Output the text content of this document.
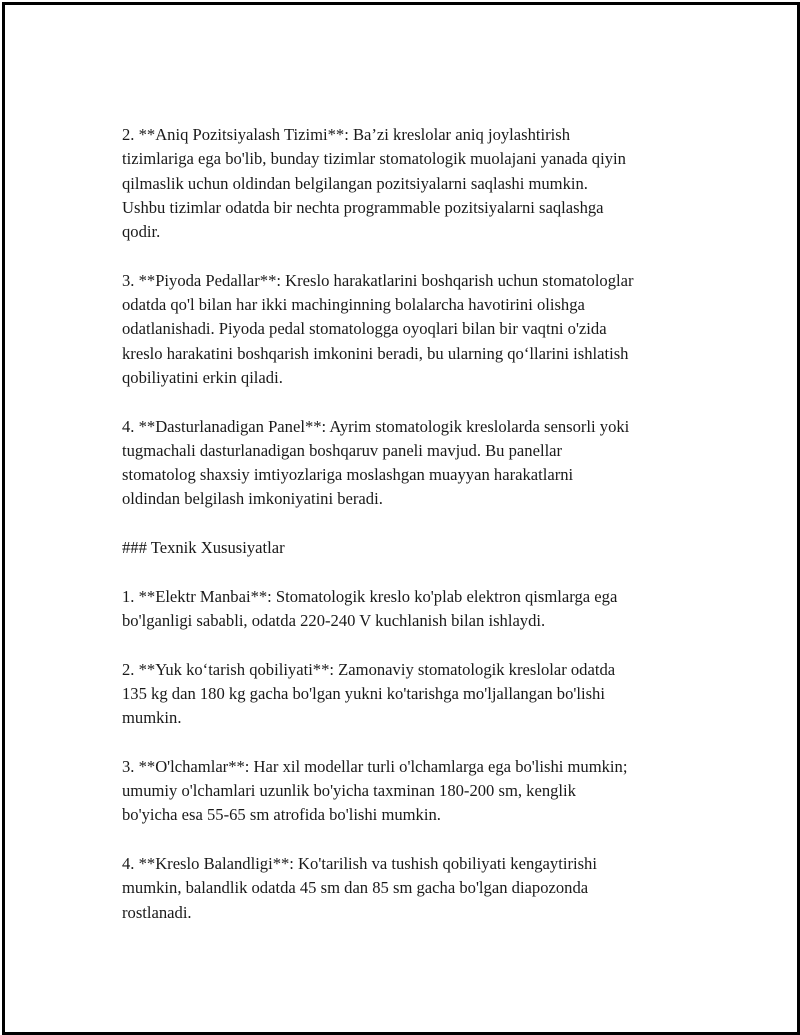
2. **Aniq Pozitsiyalash Tizimi**: Ba’zi kreslolar aniq joylashtirish
tizimlariga ega bo'lib, bunday tizimlar stomatologik muolajani yanada qiyin
qilmaslik uchun oldindan belgilangan pozitsiyalarni saqlashi mumkin.
Ushbu tizimlar odatda bir nechta programmable pozitsiyalarni saqlashga
qodir.
3. **Piyoda Pedallar**: Kreslo harakatlarini boshqarish uchun stomatologlar
odatda qo'l bilan har ikki machinginning bolalarcha havotirini olishga
odatlanishadi. Piyoda pedal stomatologga oyoqlari bilan bir vaqtni o'zida
kreslo harakatini boshqarish imkonini beradi, bu ularning qo‘llarini ishlatish
qobiliyatini erkin qiladi.
4. **Dasturlanadigan Panel**: Ayrim stomatologik kreslolarda sensorli yoki
tugmachali dasturlanadigan boshqaruv paneli mavjud. Bu panellar
stomatolog shaxsiy imtiyozlariga moslashgan muayyan harakatlarni
oldindan belgilash imkoniyatini beradi.
### Texnik Xususiyatlar
1. **Elektr Manbai**: Stomatologik kreslo ko'plab elektron qismlarga ega
bo'lganligi sababli, odatda 220-240 V kuchlanish bilan ishlaydi.
2. **Yuk ko‘tarish qobiliyati**: Zamonaviy stomatologik kreslolar odatda
135 kg dan 180 kg gacha bo'lgan yukni ko'tarishga mo'ljallangan bo'lishi
mumkin.
3. **O'lchamlar**: Har xil modellar turli o'lchamlarga ega bo'lishi mumkin;
umumiy o'lchamlari uzunlik bo'yicha taxminan 180-200 sm, kenglik
bo'yicha esa 55-65 sm atrofida bo'lishi mumkin.
4. **Kreslo Balandligi**: Ko'tarilish va tushish qobiliyati kengaytirishi
mumkin, balandlik odatda 45 sm dan 85 sm gacha bo'lgan diapozonda
rostlanadi.
